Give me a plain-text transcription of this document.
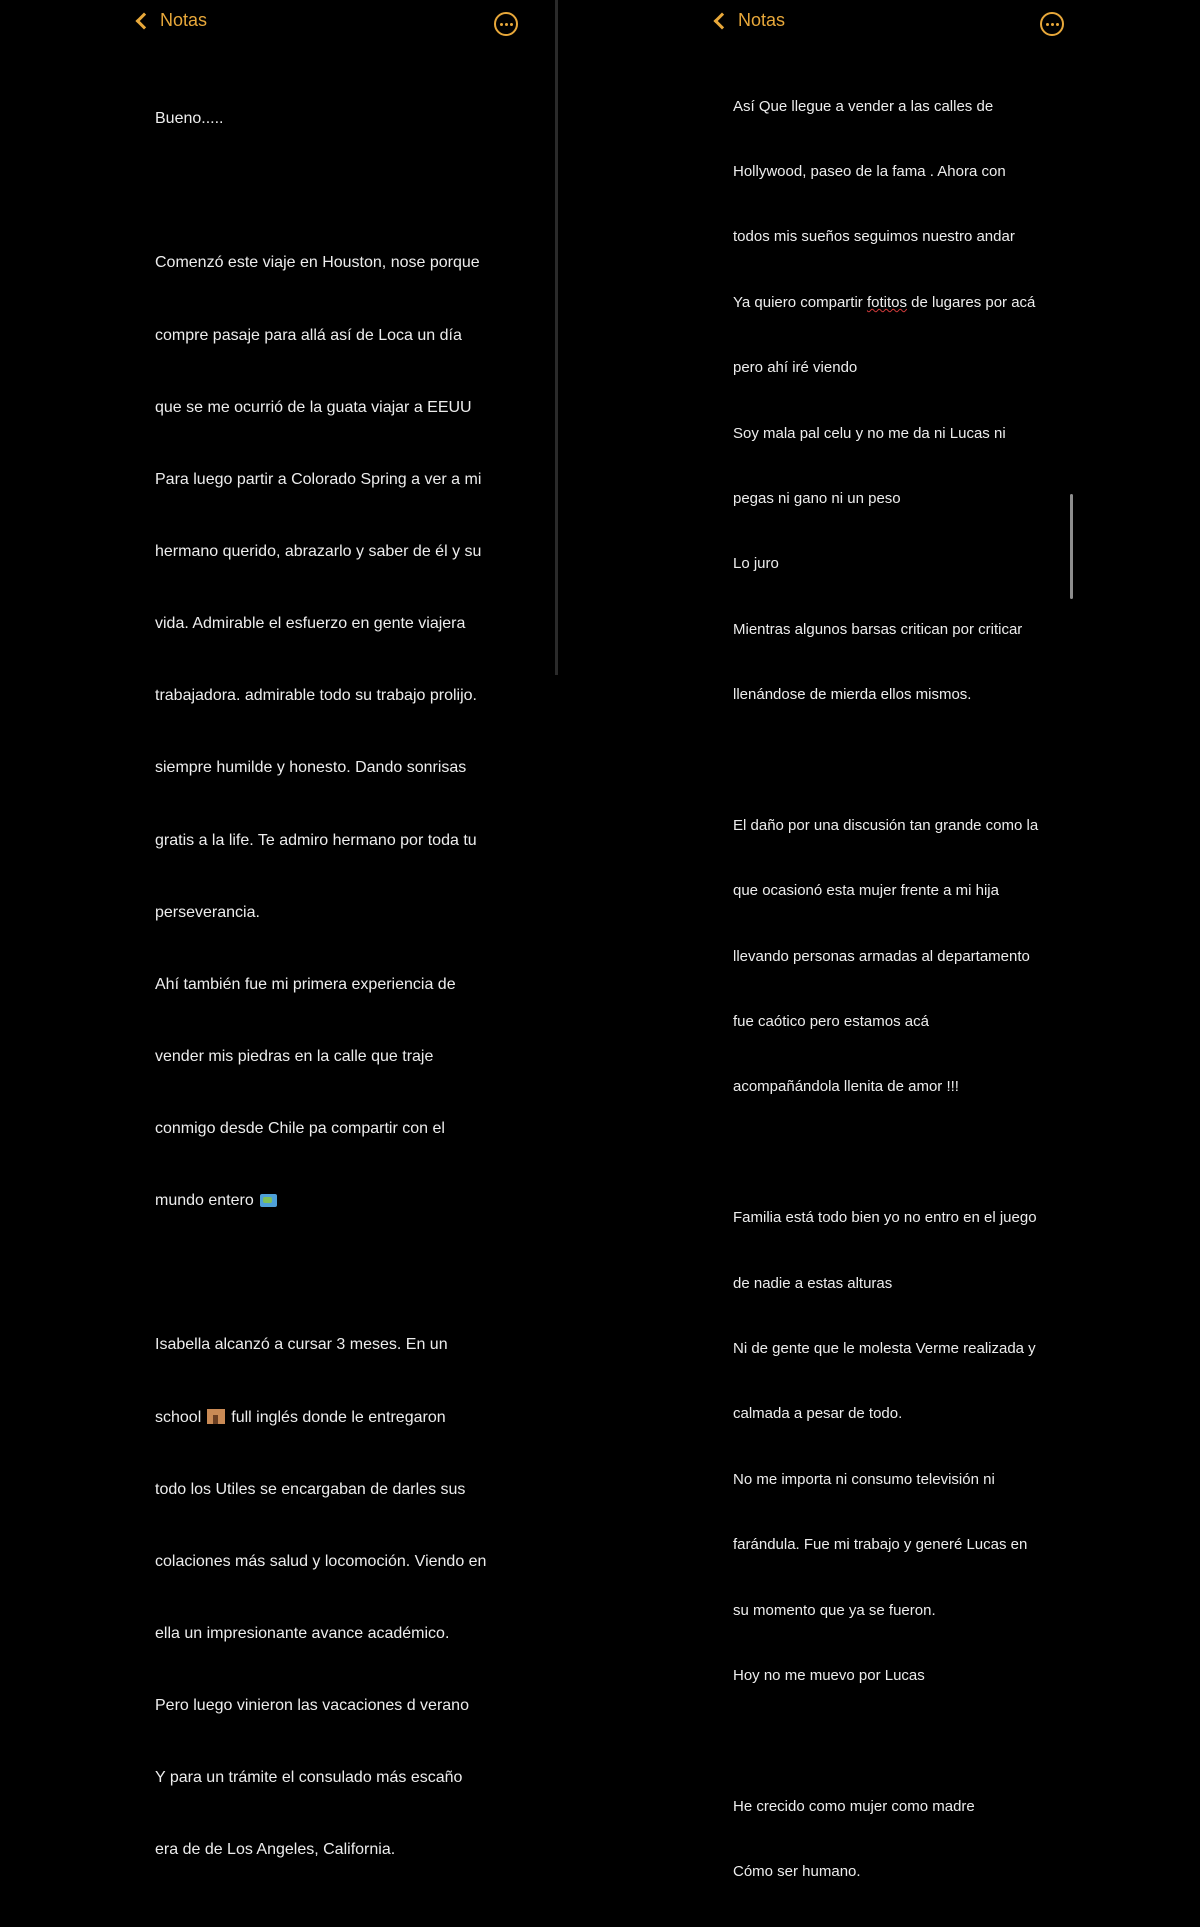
Notas

Bueno.....

Comenzó este viaje en Houston, nose porque

compre pasaje para allá así de Loca un día

que se me ocurrió de la guata viajar a EEUU

Para luego partir a Colorado Spring a ver a mi

hermano querido, abrazarlo y saber de él y su

vida. Admirable el esfuerzo en gente viajera

trabajadora. admirable todo su trabajo prolijo.

siempre humilde y honesto. Dando sonrisas

gratis a la life. Te admiro hermano por toda tu

perseverancia.

Ahí también fue mi primera experiencia de

vender mis piedras en la calle que traje

conmigo desde Chile pa compartir con el

mundo entero

Isabella alcanzó a cursar 3 meses. En un

school full inglés donde le entregaron

todo los Utiles se encargaban de darles sus

colaciones más salud y locomoción. Viendo en

ella un impresionante avance académico.

Pero luego vinieron las vacaciones d verano

Y para un trámite el consulado más escaño

era de de Los Angeles, California.

Notas

Así Que llegue a vender a las calles de

Hollywood, paseo de la fama . Ahora con

todos mis sueños seguimos nuestro andar

Ya quiero compartir fotitos de lugares por acá

pero ahí iré viendo

Soy mala pal celu y no me da ni Lucas ni

pegas ni gano ni un peso

Lo juro

Mientras algunos barsas critican por criticar

llenándose de mierda ellos mismos.

El daño por una discusión tan grande como la

que ocasionó esta mujer frente a mi hija

llevando personas armadas al departamento

fue caótico pero estamos acá

acompañándola llenita de amor !!!

Familia está todo bien yo no entro en el juego

de nadie a estas alturas

Ni de gente que le molesta Verme realizada y

calmada a pesar de todo.

No me importa ni consumo televisión ni

farándula. Fue mi trabajo y generé Lucas en

su momento que ya se fueron.

Hoy no me muevo por Lucas

He crecido como mujer como madre

Cómo ser humano.
